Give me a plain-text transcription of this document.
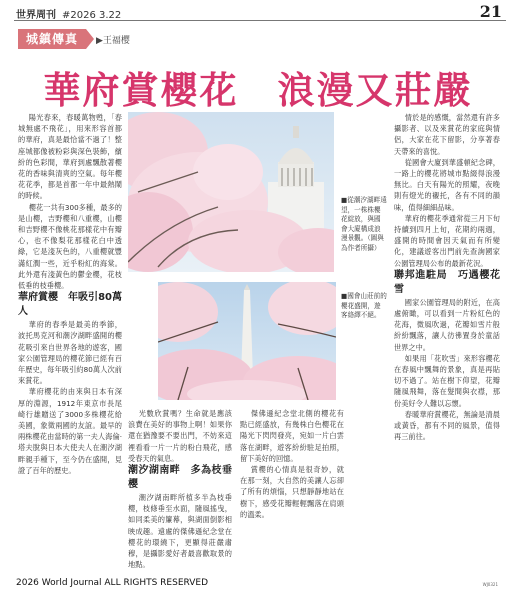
世界周刊 #2026 3.22	21
城鎮傳真	▶王福樱
華府賞櫻花　浪漫又莊嚴

陽光春來，春暖萬物甦，「春城無處不飛花」，用來形容首都的華府，真是最恰當不過了！整座城都像被粉彩與深色裝飾，繽紛的色彩間，華府到處飄散著櫻花的香味與清爽的空氣。每年櫻花花季，都是首都一年中最熱鬧的時候。

櫻花一共有300多種，最多的是山櫻，吉野櫻和八重櫻，山櫻和吉野櫻不像桃花那樣花中有瓣心，也不像梨花那樣花白中透綠，它是淺灰色的，八重櫻就豐滿紅潤一些，近乎粉紅的海棠。此外還有淺黃色的鬱金櫻，花枝低垂的枝垂櫻。

華府賞櫻　年吸引80萬人

華府的春季是最美的季節，波托馬克河和潮汐湖畔盛開的櫻花吸引來自世界各地的遊客，國家公園管理局的櫻花節已經有百年歷史，每年吸引約80萬人次前來賞花。

華府櫻花的由來與日本有深厚的淵源，1912年東京市長尾崎行雄贈送了3000多株櫻花給美國，象徵兩國的友誼。最早的兩株櫻花由當時的第一夫人海倫·塔夫脫與日本大使夫人在潮汐湖畔親手種下，至今仍在盛開，見證了百年的歷史。

■從潮汐湖畔遠望，一株株櫻花綻放，與國會大廈構成浪漫景觀。（圖與為作者所攝）
■國會山莊前的櫻花盛開，遊客絡繹不絕。

光數欣賞嗎？生命就是應該浪費在美好的事物上啊！如果你還在猶豫要不要出門，不妨來這裡看看一片一片的粉白飛花，感受春天的氣息。

潮汐湖南畔　多為枝垂櫻

潮汐湖南畔所植多半為枝垂櫻，枝條垂至水面，隨風搖曳，如同柔美的簾幕，與湖面倒影相映成趣。遠處的傑佛遜紀念堂在櫻花的環繞下，更顯得莊嚴肅穆，是攝影愛好者最喜歡取景的地點。

傑佛遜紀念堂北側的櫻花有點已經盛放，有幾株白色櫻花在陽光下閃閃發亮，宛如一片白雲落在湖畔，遊客紛紛駐足拍照，留下美好的回憶。

賞櫻的心情真是很奇妙，就在那一刻，大自然的美讓人忘卻了所有的煩惱，只想靜靜地站在樹下，感受花瓣輕輕飄落在肩頭的溫柔。

情於是的感慨，當然還有許多攝影者、以及來賞花的家庭與情侶，大家在花下留影，分享著春天帶來的喜悅。

從國會大廈到華盛頓紀念碑，一路上的櫻花將城市點綴得浪漫無比。白天有陽光的照耀，夜晚則有燈光的襯托，各有不同的韻味，值得細細品味。

華府的櫻花季通常從三月下旬持續到四月上旬，花期約兩週，盛開的時間會因天氣而有所變化，建議遊客出門前先查詢國家公園管理局公布的最新花況。

聯邦進駐局　巧遇櫻花雪

國家公園管理局的附近，在高處俯瞰，可以看到一片粉紅色的花海，微風吹過，花瓣如雪片般紛紛飄落，讓人彷彿置身於童話世界之中。

如果用「花吹雪」來形容櫻花在春風中飄舞的景象，真是再貼切不過了。站在樹下仰望，花瓣隨風飛舞，落在髮間與衣襟，那份美好令人難以忘懷。

春暖華府賞櫻花，無論是清晨或黃昏，都有不同的風景，值得再三前往。

2026 World Journal ALL RIGHTS RESERVED	WJ0321
